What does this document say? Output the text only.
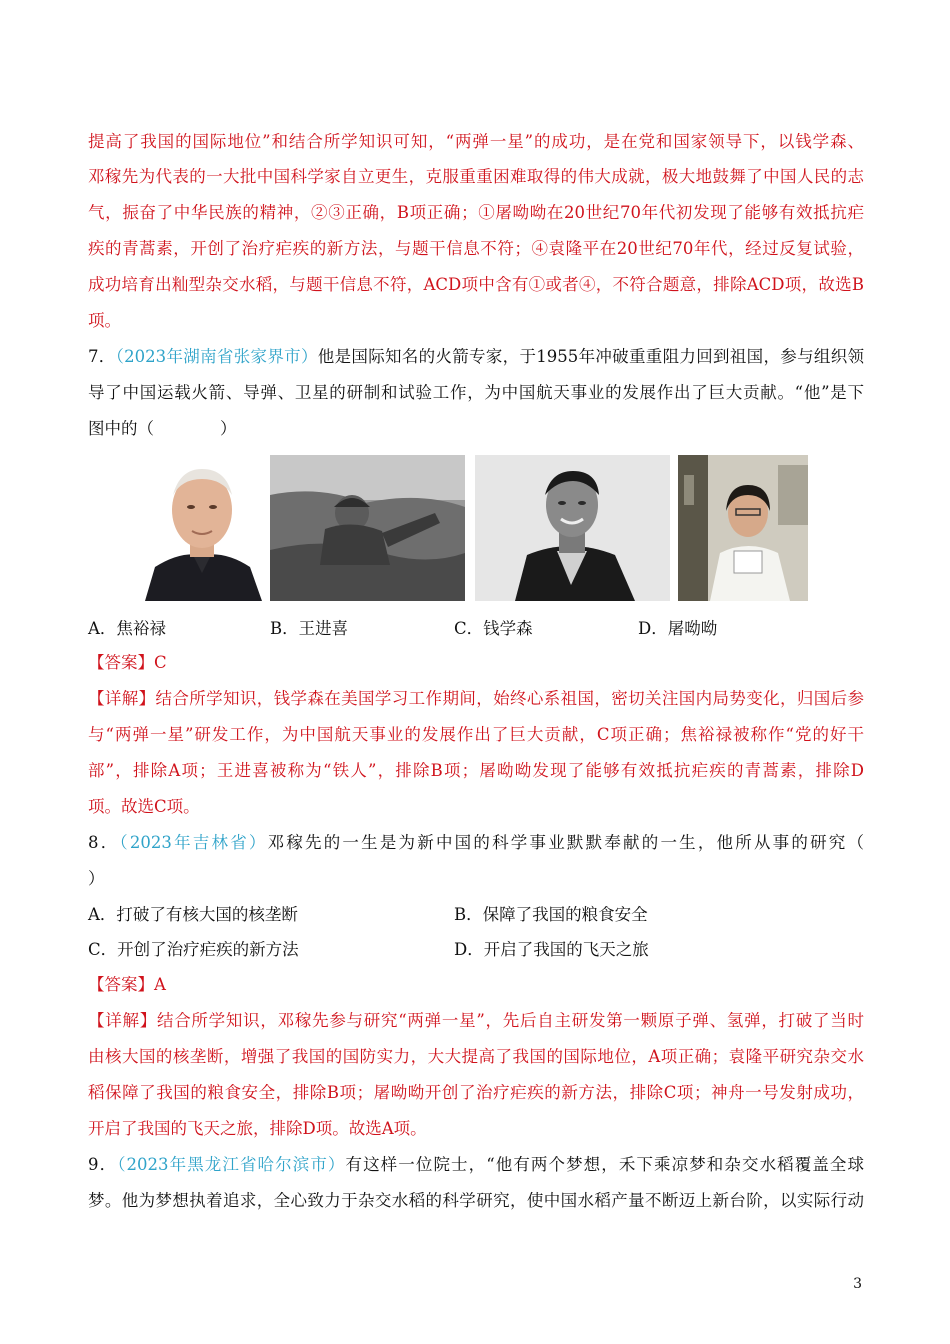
提高了我国的国际地位”和结合所学知识可知，“两弹一星”的成功，是在党和国家领导下，以钱学森、
邓稼先为代表的一大批中国科学家自立更生，克服重重困难取得的伟大成就，极大地鼓舞了中国人民的志
气，振奋了中华民族的精神，②③正确，B项正确；①屠呦呦在20世纪70年代初发现了能够有效抵抗疟
疾的青蒿素，开创了治疗疟疾的新方法，与题干信息不符；④袁隆平在20世纪70年代，经过反复试验，
成功培育出籼型杂交水稻，与题干信息不符，ACD项中含有①或者④，不符合题意，排除ACD项，故选B
项。
7．（2023年湖南省张家界市）他是国际知名的火箭专家，于1955年冲破重重阻力回到祖国，参与组织领
导了中国运载火箭、导弹、卫星的研制和试验工作，为中国航天事业的发展作出了巨大贡献。“他”是下
图中的（　　　　）
A．焦裕禄	B．王进喜	C．钱学森	D．屠呦呦
【答案】C
【详解】结合所学知识，钱学森在美国学习工作期间，始终心系祖国，密切关注国内局势变化，归国后参
与“两弹一星”研发工作，为中国航天事业的发展作出了巨大贡献，C项正确；焦裕禄被称作“党的好干
部”，排除A项；王进喜被称为“铁人”，排除B项；屠呦呦发现了能够有效抵抗疟疾的青蒿素，排除D
项。故选C项。
8．（2023年吉林省）邓稼先的一生是为新中国的科学事业默默奉献的一生，他所从事的研究（
）
A．打破了有核大国的核垄断	B．保障了我国的粮食安全
C．开创了治疗疟疾的新方法	D．开启了我国的飞天之旅
【答案】A
【详解】结合所学知识，邓稼先参与研究“两弹一星”，先后自主研发第一颗原子弹、氢弹，打破了当时
由核大国的核垄断，增强了我国的国防实力，大大提高了我国的国际地位，A项正确；袁隆平研究杂交水
稻保障了我国的粮食安全，排除B项；屠呦呦开创了治疗疟疾的新方法，排除C项；神舟一号发射成功，
开启了我国的飞天之旅，排除D项。故选A项。
9．（2023年黑龙江省哈尔滨市）有这样一位院士，“他有两个梦想，禾下乘凉梦和杂交水稻覆盖全球
梦。他为梦想执着追求，全心致力于杂交水稻的科学研究，使中国水稻产量不断迈上新台阶，以实际行动
3
